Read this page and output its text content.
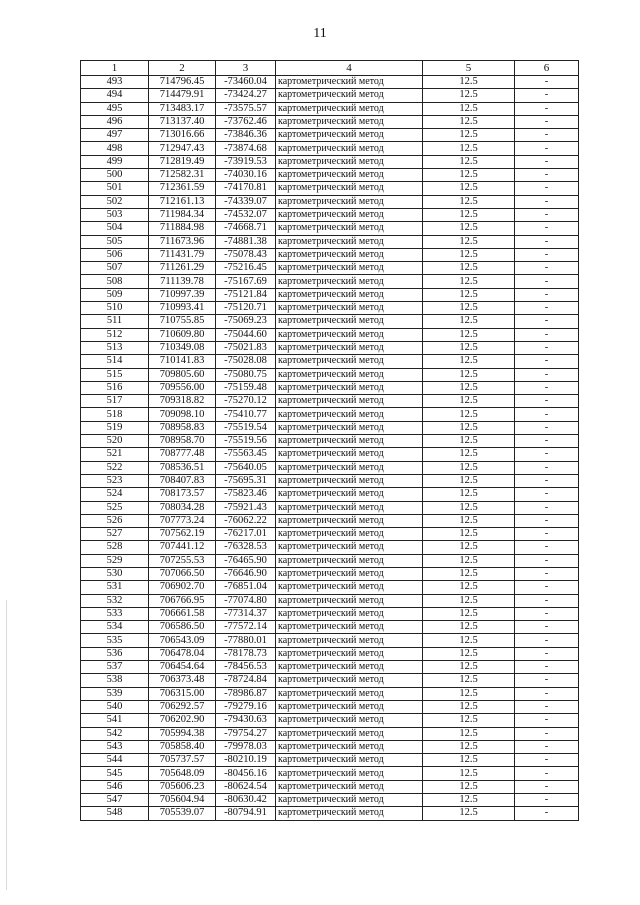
11
1	2	3	4	5	6
493	714796.45	-73460.04	картометрический метод	12.5	-
494	714479.91	-73424.27	картометрический метод	12.5	-
495	713483.17	-73575.57	картометрический метод	12.5	-
496	713137.40	-73762.46	картометрический метод	12.5	-
497	713016.66	-73846.36	картометрический метод	12.5	-
498	712947.43	-73874.68	картометрический метод	12.5	-
499	712819.49	-73919.53	картометрический метод	12.5	-
500	712582.31	-74030.16	картометрический метод	12.5	-
501	712361.59	-74170.81	картометрический метод	12.5	-
502	712161.13	-74339.07	картометрический метод	12.5	-
503	711984.34	-74532.07	картометрический метод	12.5	-
504	711884.98	-74668.71	картометрический метод	12.5	-
505	711673.96	-74881.38	картометрический метод	12.5	-
506	711431.79	-75078.43	картометрический метод	12.5	-
507	711261.29	-75216.45	картометрический метод	12.5	-
508	711139.78	-75167.69	картометрический метод	12.5	-
509	710997.39	-75121.84	картометрический метод	12.5	-
510	710993.41	-75120.71	картометрический метод	12.5	-
511	710755.85	-75069.23	картометрический метод	12.5	-
512	710609.80	-75044.60	картометрический метод	12.5	-
513	710349.08	-75021.83	картометрический метод	12.5	-
514	710141.83	-75028.08	картометрический метод	12.5	-
515	709805.60	-75080.75	картометрический метод	12.5	-
516	709556.00	-75159.48	картометрический метод	12.5	-
517	709318.82	-75270.12	картометрический метод	12.5	-
518	709098.10	-75410.77	картометрический метод	12.5	-
519	708958.83	-75519.54	картометрический метод	12.5	-
520	708958.70	-75519.56	картометрический метод	12.5	-
521	708777.48	-75563.45	картометрический метод	12.5	-
522	708536.51	-75640.05	картометрический метод	12.5	-
523	708407.83	-75695.31	картометрический метод	12.5	-
524	708173.57	-75823.46	картометрический метод	12.5	-
525	708034.28	-75921.43	картометрический метод	12.5	-
526	707773.24	-76062.22	картометрический метод	12.5	-
527	707562.19	-76217.01	картометрический метод	12.5	-
528	707441.12	-76328.53	картометрический метод	12.5	-
529	707255.53	-76465.90	картометрический метод	12.5	-
530	707066.50	-76646.90	картометрический метод	12.5	-
531	706902.70	-76851.04	картометрический метод	12.5	-
532	706766.95	-77074.80	картометрический метод	12.5	-
533	706661.58	-77314.37	картометрический метод	12.5	-
534	706586.50	-77572.14	картометрический метод	12.5	-
535	706543.09	-77880.01	картометрический метод	12.5	-
536	706478.04	-78178.73	картометрический метод	12.5	-
537	706454.64	-78456.53	картометрический метод	12.5	-
538	706373.48	-78724.84	картометрический метод	12.5	-
539	706315.00	-78986.87	картометрический метод	12.5	-
540	706292.57	-79279.16	картометрический метод	12.5	-
541	706202.90	-79430.63	картометрический метод	12.5	-
542	705994.38	-79754.27	картометрический метод	12.5	-
543	705858.40	-79978.03	картометрический метод	12.5	-
544	705737.57	-80210.19	картометрический метод	12.5	-
545	705648.09	-80456.16	картометрический метод	12.5	-
546	705606.23	-80624.54	картометрический метод	12.5	-
547	705604.94	-80630.42	картометрический метод	12.5	-
548	705539.07	-80794.91	картометрический метод	12.5	-
